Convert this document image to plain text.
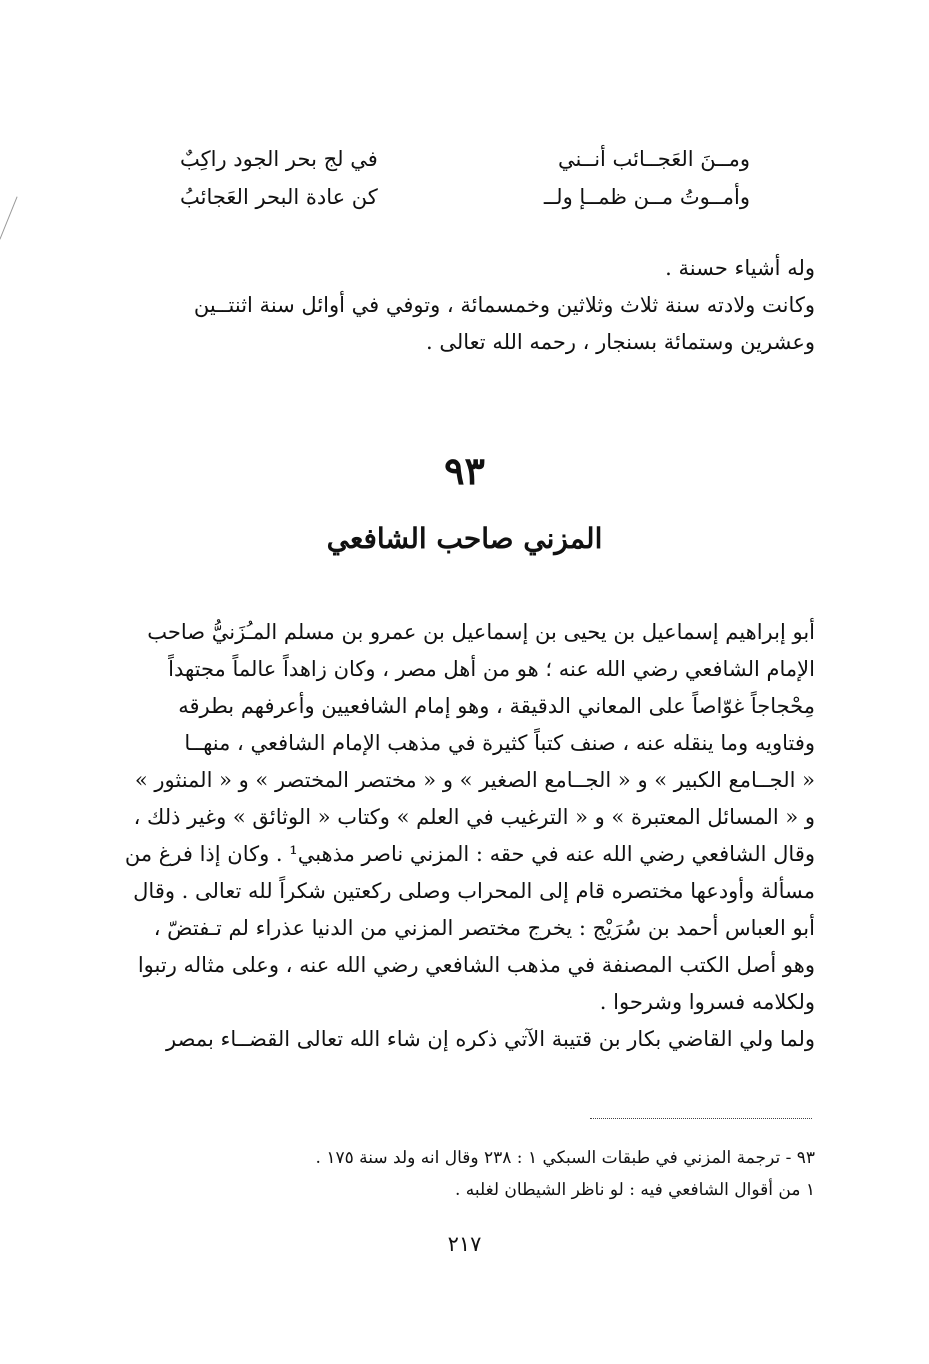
ومــنَ العَجــائب أنــني
في لج بحر الجود راكِبٌ
وأمــوتُ مــن ظمــإ ولــ
كن عادة البحر العَجائبُ
وله أشياء حسنة .
وكانت ولادته سنة ثلاث وثلاثين وخمسمائة ، وتوفي في أوائل سنة اثنتــين
وعشرين وستمائة بسنجار ، رحمه الله تعالى .
٩٣
المزني صاحب الشافعي
أبو إبراهيم إسماعيل بن يحيى بن إسماعيل بن عمرو بن مسلم المـُزَنيُّ صاحب
الإمام الشافعي رضي الله عنه ؛ هو من أهل مصر ، وكان زاهداً عالماً مجتهداً
مِحْجاجاً غوّاصاً على المعاني الدقيقة ، وهو إمام الشافعيين وأعرفهم بطرقه
وفتاويه وما ينقله عنه ، صنف كتباً كثيرة في مذهب الإمام الشافعي ، منهــا
« الجــامع الكبير » و « الجــامع الصغير » و « مختصر المختصر » و « المنثور »
و « المسائل المعتبرة » و « الترغيب في العلم » وكتاب « الوثائق » وغير ذلك ،
وقال الشافعي رضي الله عنه في حقه : المزني ناصر مذهبي¹ . وكان إذا فرغ من
مسألة وأودعها مختصره قام إلى المحراب وصلى ركعتين شكراً لله تعالى . وقال
أبو العباس أحمد بن سُرَيْج : يخرج مختصر المزني من الدنيا عذراء لم تـفتضّ ،
وهو أصل الكتب المصنفة في مذهب الشافعي رضي الله عنه ، وعلى مثاله رتبوا
ولكلامه فسروا وشرحوا .
ولما ولي القاضي بكار بن قتيبة الآتي ذكره إن شاء الله تعالى القضــاء بمصر
٩٣ - ترجمة المزني في طبقات السبكي ١ : ٢٣٨ وقال انه ولد سنة ١٧٥ .
١ من أقوال الشافعي فيه : لو ناظر الشيطان لغلبه .
٢١٧
